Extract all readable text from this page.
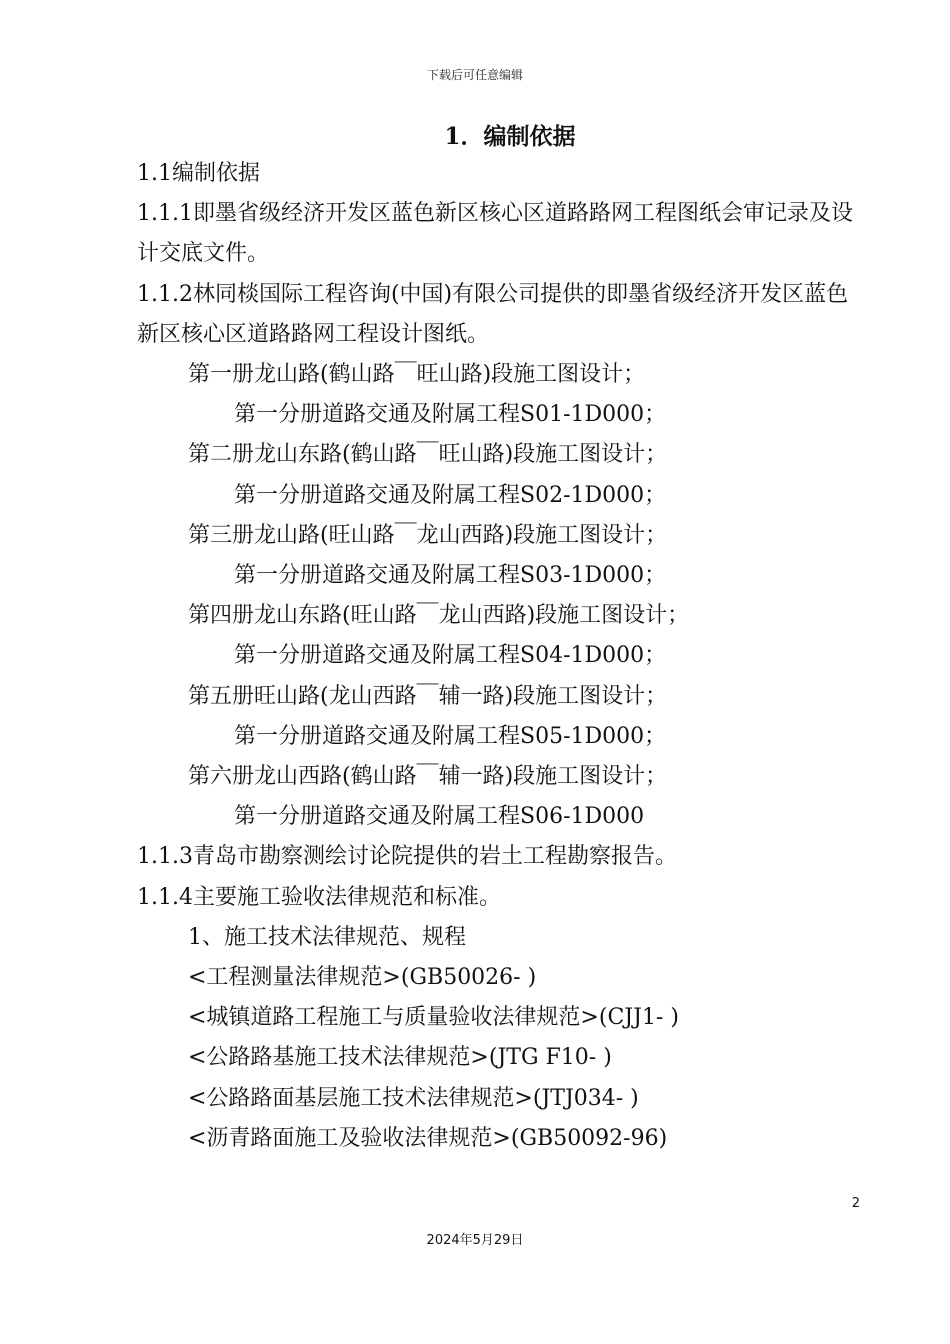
下载后可任意编辑
1．编制依据

1.1编制依据

1.1.1即墨省级经济开发区蓝色新区核心区道路路网工程图纸会审记录及设计交底文件。

1.1.2林同棪国际工程咨询(中国)有限公司提供的即墨省级经济开发区蓝色新区核心区道路路网工程设计图纸。

第一册龙山路(鹤山路￣旺山路)段施工图设计；

第一分册道路交通及附属工程S01-1D000；

第二册龙山东路(鹤山路￣旺山路)段施工图设计；

第一分册道路交通及附属工程S02-1D000；

第三册龙山路(旺山路￣龙山西路)段施工图设计；

第一分册道路交通及附属工程S03-1D000；

第四册龙山东路(旺山路￣龙山西路)段施工图设计；

第一分册道路交通及附属工程S04-1D000；

第五册旺山路(龙山西路￣辅一路)段施工图设计；

第一分册道路交通及附属工程S05-1D000；

第六册龙山西路(鹤山路￣辅一路)段施工图设计；

第一分册道路交通及附属工程S06-1D000

1.1.3青岛市勘察测绘讨论院提供的岩土工程勘察报告。

1.1.4主要施工验收法律规范和标准。

1、施工技术法律规范、规程

<工程测量法律规范>(GB50026- )

<城镇道路工程施工与质量验收法律规范>(CJJ1- )

<公路路基施工技术法律规范>(JTG F10- )

<公路路面基层施工技术法律规范>(JTJ034- )

<沥青路面施工及验收法律规范>(GB50092-96)

2
2024年5月29日
